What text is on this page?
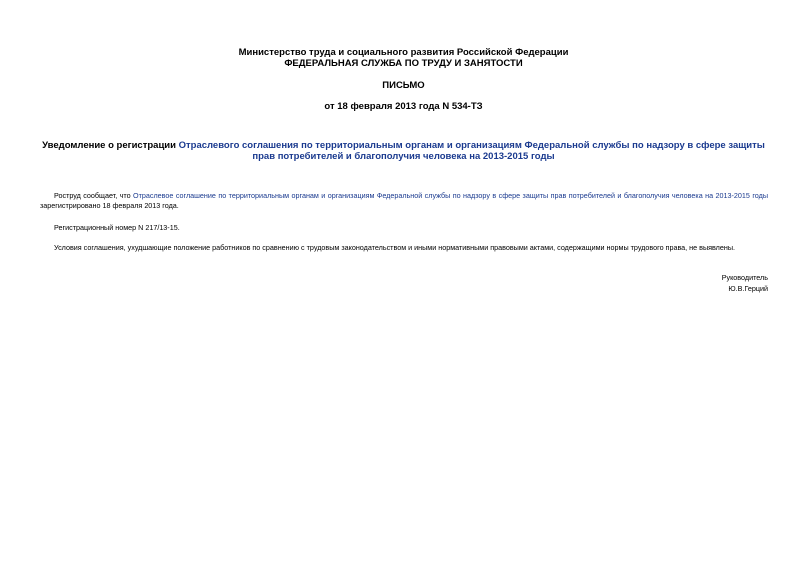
Министерство труда и социального развития Российской Федерации
ФЕДЕРАЛЬНАЯ СЛУЖБА ПО ТРУДУ И ЗАНЯТОСТИ
ПИСЬМО
от 18 февраля 2013 года N 534-ТЗ
Уведомление о регистрации Отраслевого соглашения по территориальным органам и организациям Федеральной службы по надзору в сфере защиты прав потребителей и благополучия человека на 2013-2015 годы
Роструд сообщает, что Отраслевое соглашение по территориальным органам и организациям Федеральной службы по надзору в сфере защиты прав потребителей и благополучия человека на 2013-2015 годы зарегистрировано 18 февраля 2013 года.
Регистрационный номер N 217/13-15.
Условия соглашения, ухудшающие положение работников по сравнению с трудовым законодательством и иными нормативными правовыми актами, содержащими нормы трудового права, не выявлены.
Руководитель
Ю.В.Герций
